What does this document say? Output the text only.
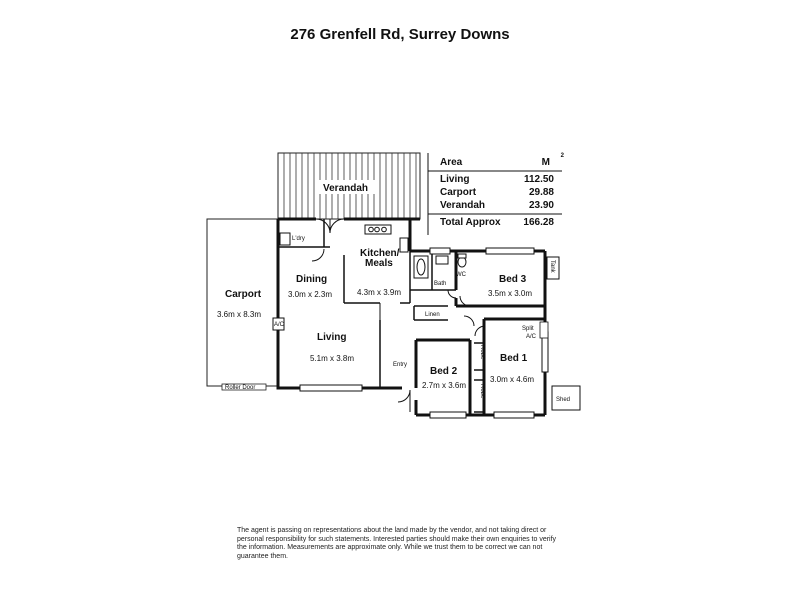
276 Grenfell Rd, Surrey Downs
Verandah
Carport
3.6m x 8.3m
Dining
3.0m x 2.3m
Kitchen/
Meals
4.3m x 3.9m
Living
5.1m x 3.8m
Bed 3
3.5m x 3.0m
Bed 2
2.7m x 3.6m
Bed 1
3.0m x 4.6m
L'dry
Bath
WC
Linen
Robe
Robe
Entry
Tank
Shed
Split
A/C
A/C
Roller Door
Area	M
2
Living	112.50
Carport	29.88
Verandah	23.90
Total Approx 166.28
The agent is passing on representations about the land made by the vendor, and not taking direct or personal responsibility for such statements. Interested parties should make their own enquiries to verify the information. Measurements are approximate only. While we trust them to be correct we can not guarantee them.
